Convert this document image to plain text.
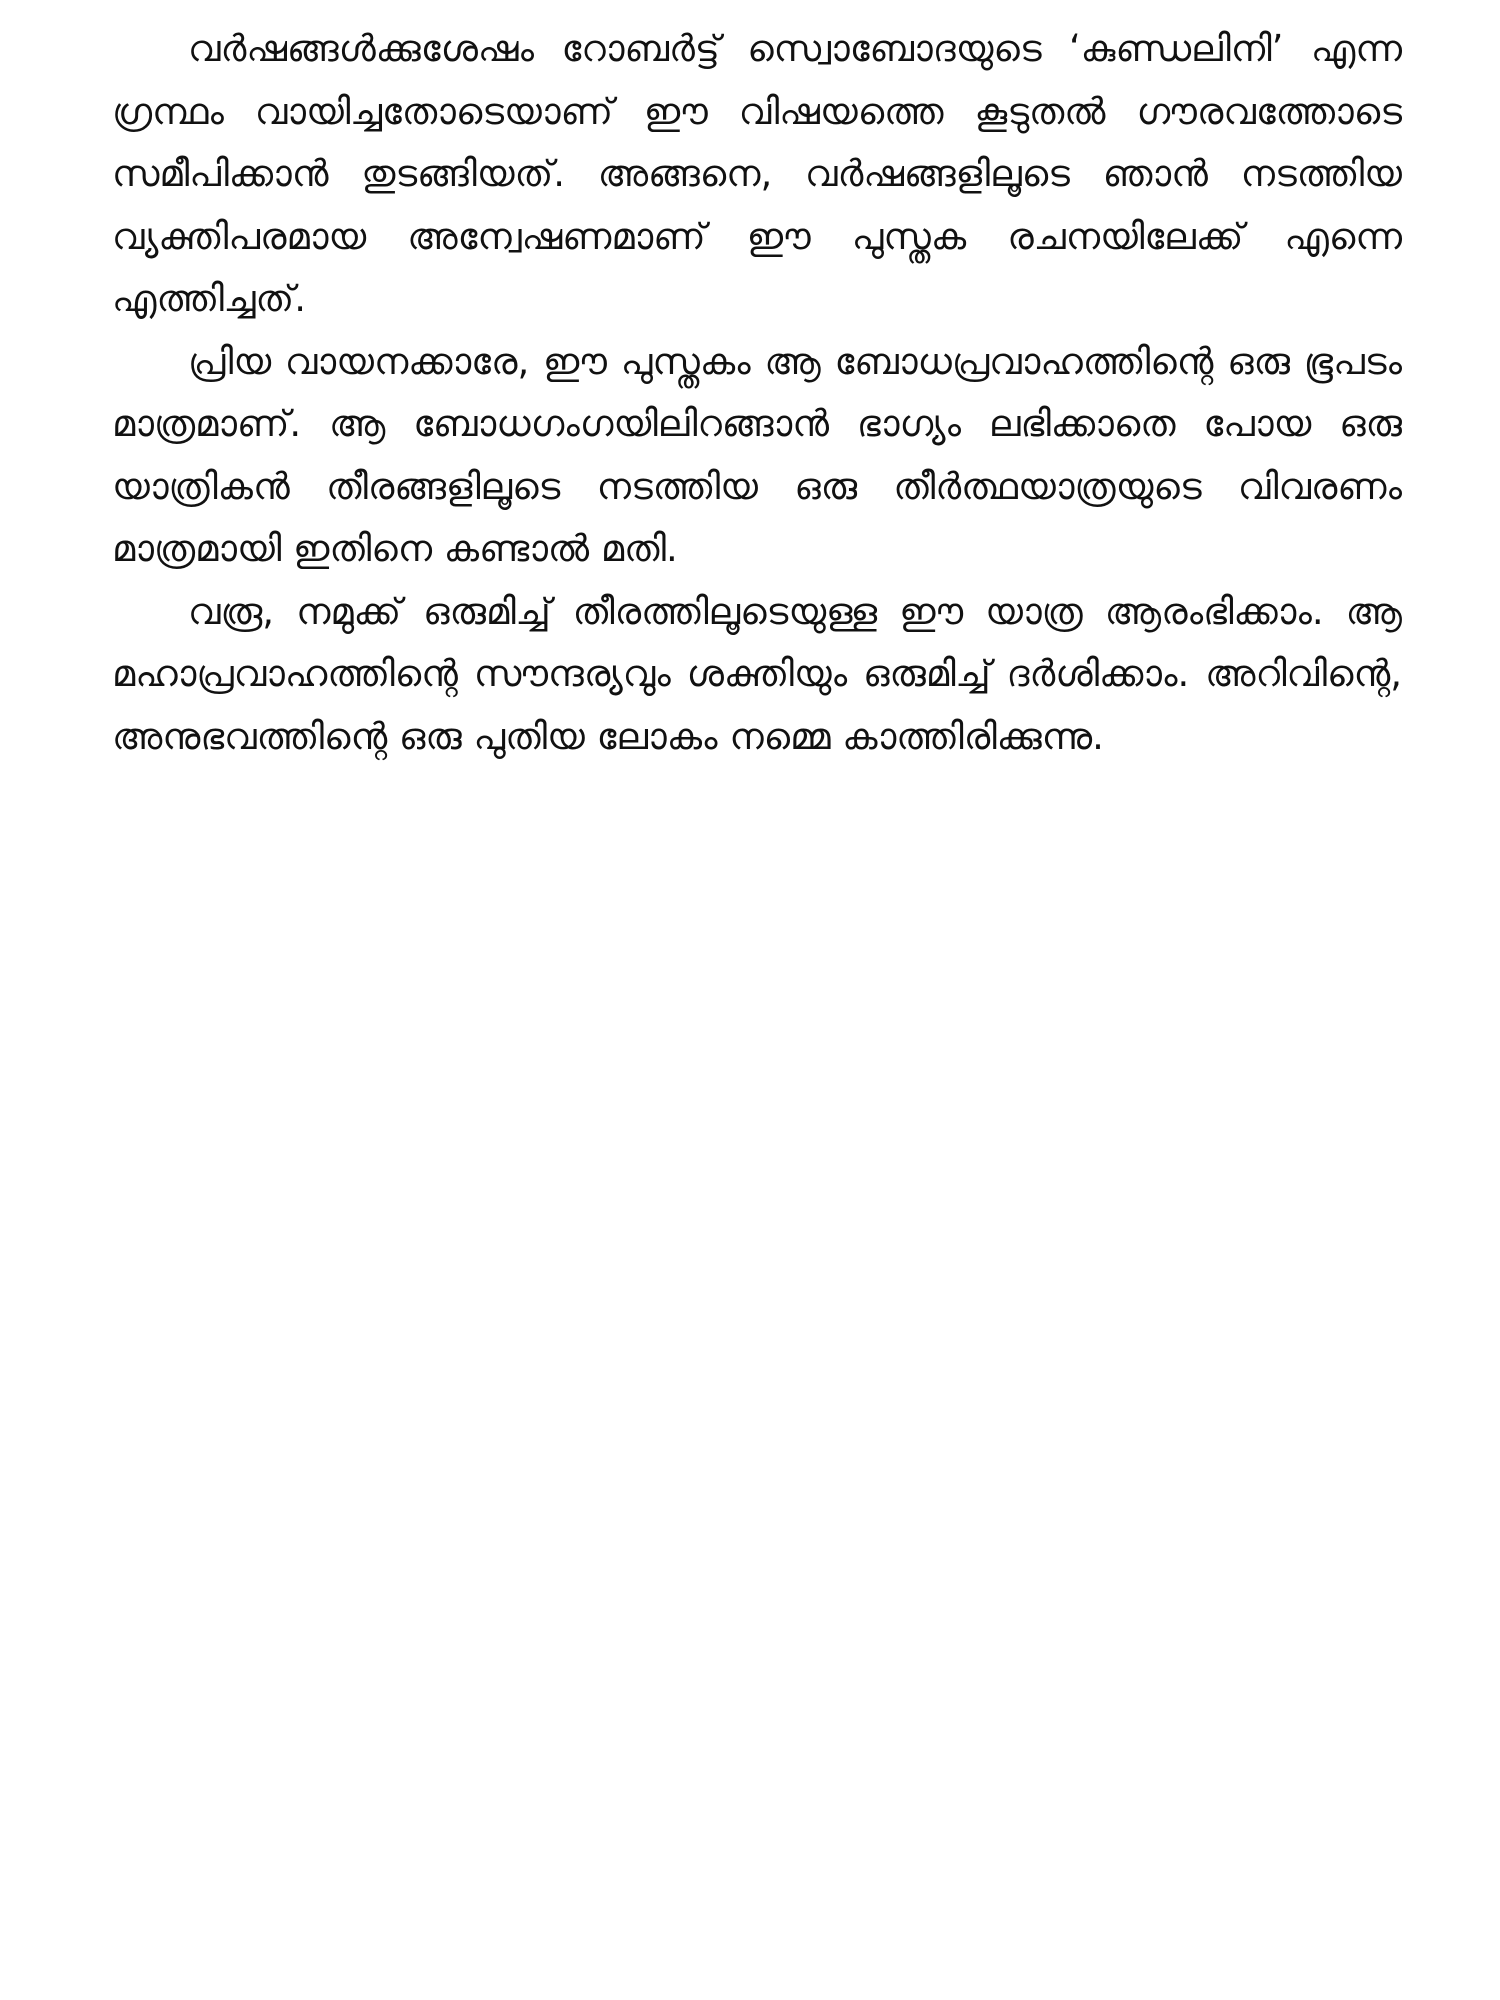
വർഷങ്ങൾക്കുശേഷം റോബർട്ട് സ്വൊബോദയുടെ ‘കുണ്ഡലിനി’ എന്ന ഗ്രന്ഥം വായിച്ചതോടെയാണ് ഈ വിഷയത്തെ കൂടുതൽ ഗൗരവത്തോടെ സമീപിക്കാൻ തുടങ്ങിയത്. അങ്ങനെ, വർഷങ്ങളിലൂടെ ഞാൻ നടത്തിയ വ്യക്തിപരമായ അന്വേഷണമാണ് ഈ പുസ്തക രചനയിലേക്ക് എന്നെ എത്തിച്ചത്.

പ്രിയ വായനക്കാരേ, ഈ പുസ്തകം ആ ബോധപ്രവാഹത്തിന്റെ ഒരു ഭൂപടം മാത്രമാണ്. ആ ബോധഗംഗയിലിറങ്ങാൻ ഭാഗ്യം ലഭിക്കാതെ പോയ ഒരു യാത്രികൻ തീരങ്ങളിലൂടെ നടത്തിയ ഒരു തീർത്ഥയാത്രയുടെ വിവരണം മാത്രമായി ഇതിനെ കണ്ടാൽ മതി.

വരൂ, നമുക്ക് ഒരുമിച്ച് തീരത്തിലൂടെയുള്ള ഈ യാത്ര ആരംഭിക്കാം. ആ മഹാപ്രവാഹത്തിന്റെ സൗന്ദര്യവും ശക്തിയും ഒരുമിച്ച് ദർശിക്കാം. അറിവിന്റെ, അനുഭവത്തിന്റെ ഒരു പുതിയ ലോകം നമ്മെ കാത്തിരിക്കുന്നു.
